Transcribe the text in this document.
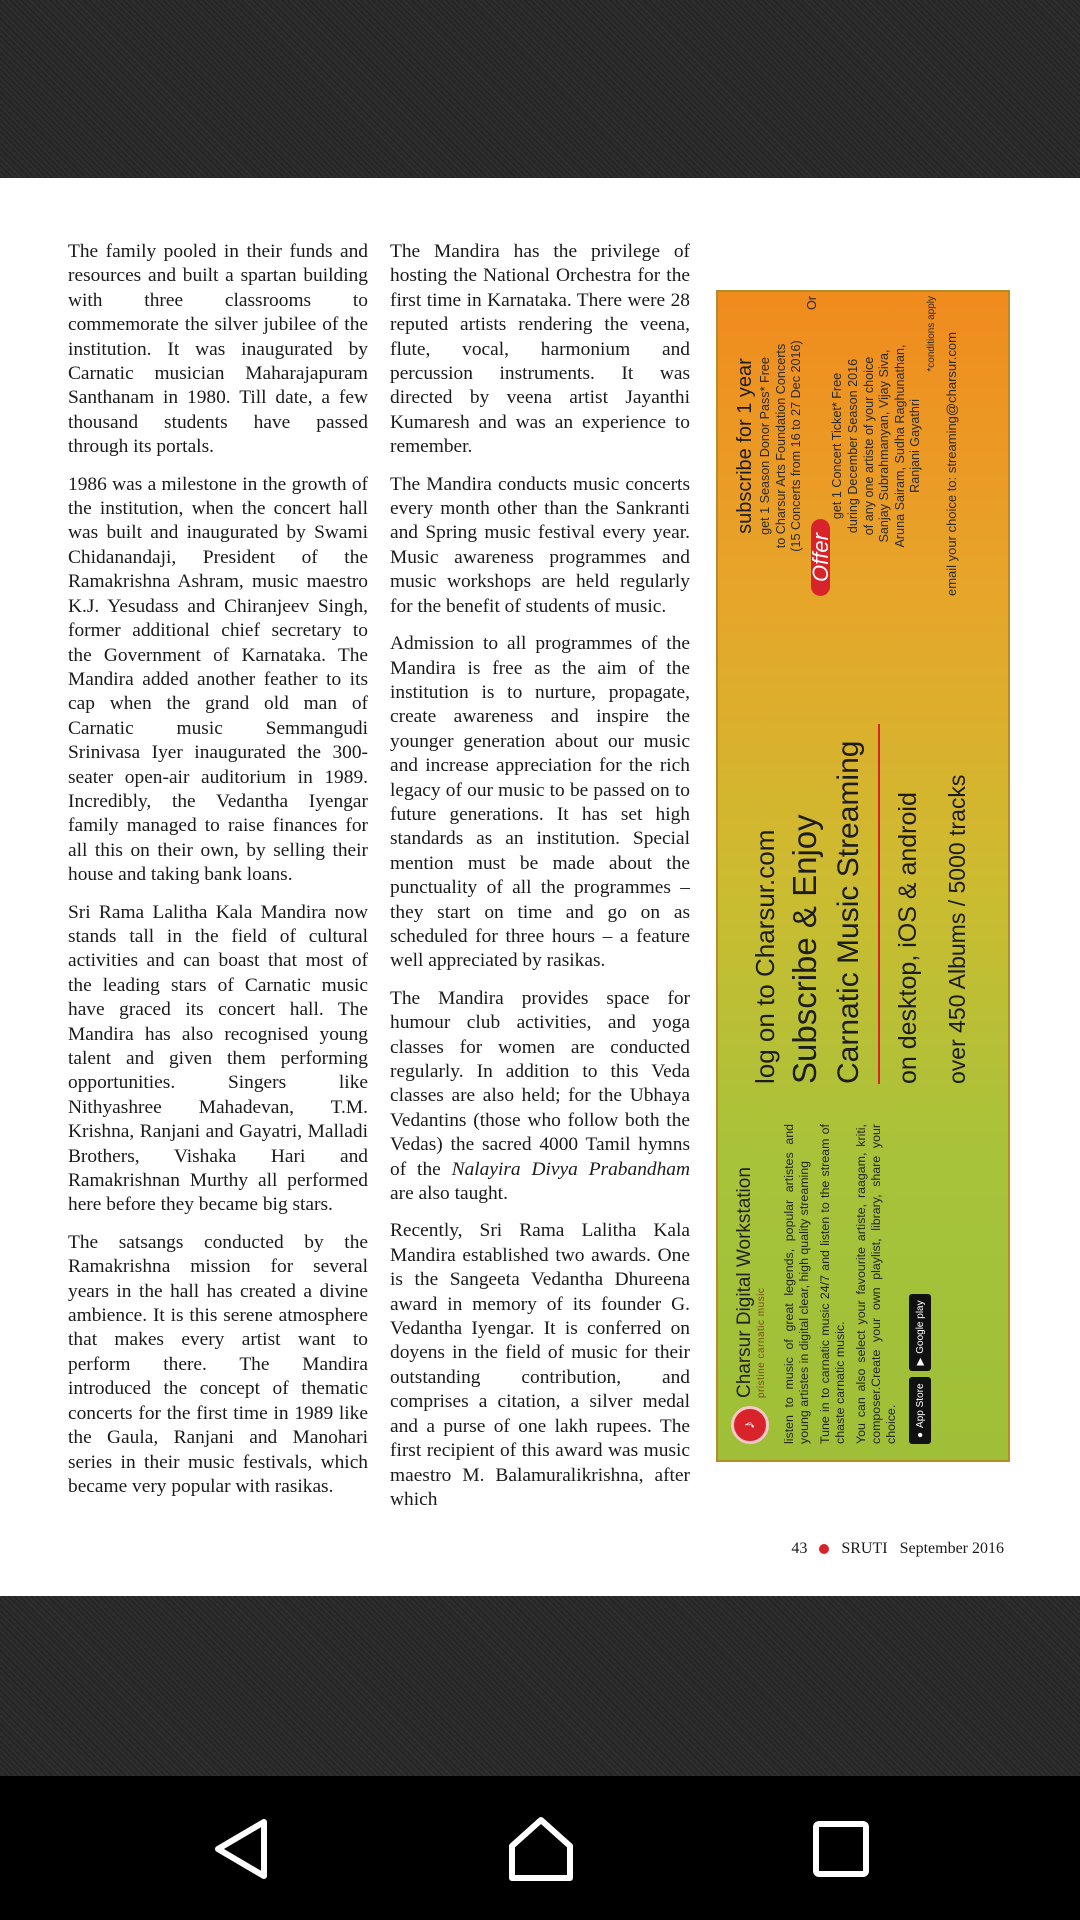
The family pooled in their funds and resources and built a spartan building with three classrooms to commemorate the silver jubilee of the institution. It was inaugurated by Carnatic musician Maharajapuram Santhanam in 1980. Till date, a few thousand students have passed through its portals.

1986 was a milestone in the growth of the institution, when the concert hall was built and inaugurated by Swami Chidanandaji, President of the Ramakrishna Ashram, music maestro K.J. Yesudass and Chiranjeev Singh, former additional chief secretary to the Government of Karnataka. The Mandira added another feather to its cap when the grand old man of Carnatic music Semmangudi Srinivasa Iyer inaugurated the 300-seater open-air auditorium in 1989. Incredibly, the Vedantha Iyengar family managed to raise finances for all this on their own, by selling their house and taking bank loans.

Sri Rama Lalitha Kala Mandira now stands tall in the field of cultural activities and can boast that most of the leading stars of Carnatic music have graced its concert hall. The Mandira has also recognised young talent and given them performing opportunities. Singers like Nithyashree Mahadevan, T.M. Krishna, Ranjani and Gayatri, Malladi Brothers, Vishaka Hari and Ramakrishnan Murthy all performed here before they became big stars.

The satsangs conducted by the Ramakrishna mission for several years in the hall has created a divine ambience. It is this serene atmosphere that makes every artist want to perform there. The Mandira introduced the concept of thematic concerts for the first time in 1989 like the Gaula, Ranjani and Manohari series in their music festivals, which became very popular with rasikas.

The Mandira has the privilege of hosting the National Orchestra for the first time in Karnataka. There were 28 reputed artists rendering the veena, flute, vocal, harmonium and percussion instruments. It was directed by veena artist Jayanthi Kumaresh and was an experience to remember.

The Mandira conducts music concerts every month other than the Sankranti and Spring music festival every year. Music awareness programmes and music workshops are held regularly for the benefit of students of music.

Admission to all programmes of the Mandira is free as the aim of the institution is to nurture, propagate, create awareness and inspire the younger generation about our music and increase appreciation for the rich legacy of our music to be passed on to future generations. It has set high standards as an institution. Special mention must be made about the punctuality of all the programmes – they start on time and go on as scheduled for three hours – a feature well appreciated by rasikas.

The Mandira provides space for humour club activities, and yoga classes for women are conducted regularly. In addition to this Veda classes are also held; for the Ubhaya Vedantins (those who follow both the Vedas) the sacred 4000 Tamil hymns of the Nalayira Divya Prabandham are also taught.

Recently, Sri Rama Lalitha Kala Mandira established two awards. One is the Sangeeta Vedantha Dhureena award in memory of its founder G. Vedantha Iyengar. It is conferred on doyens in the field of music for their outstanding contribution, and comprises a citation, a silver medal and a purse of one lakh rupees. The first recipient of this award was music maestro M. Balamuralikrishna, after which

♪
Charsur Digital Workstation pristine carnatic music listen to music of great legends, popular artistes and young artistes in digital clear, high quality streaming Tune in to carnatic music 24/7 and listen to the stream of chaste carnatic music. You can also select your favourite artiste, raagam, kriti, composer.Create your own playlist, library, share your choice. ●
App Store
▶
Google play
log on to Charsur.com Subscribe & Enjoy Carnatic Music Streaming	on desktop, iOS & android over 450 Albums / 5000 tracks
subscribe for 1 year get 1 Season Donor Pass* Free to Charsur Arts Foundation Concerts (15 Concerts from 16 to 27 Dec 2016)
Offer
Or
get 1 Concert Ticket* Free during December Season 2016 of any one artiste of your choice Sanjay Subrahmanyan, Vijay Siva, Aruna Sairam, Sudha Raghunathan, Ranjani Gayathri
*conditions apply email your choice to: streaming@charsur.com
43 SRUTI September 2016
